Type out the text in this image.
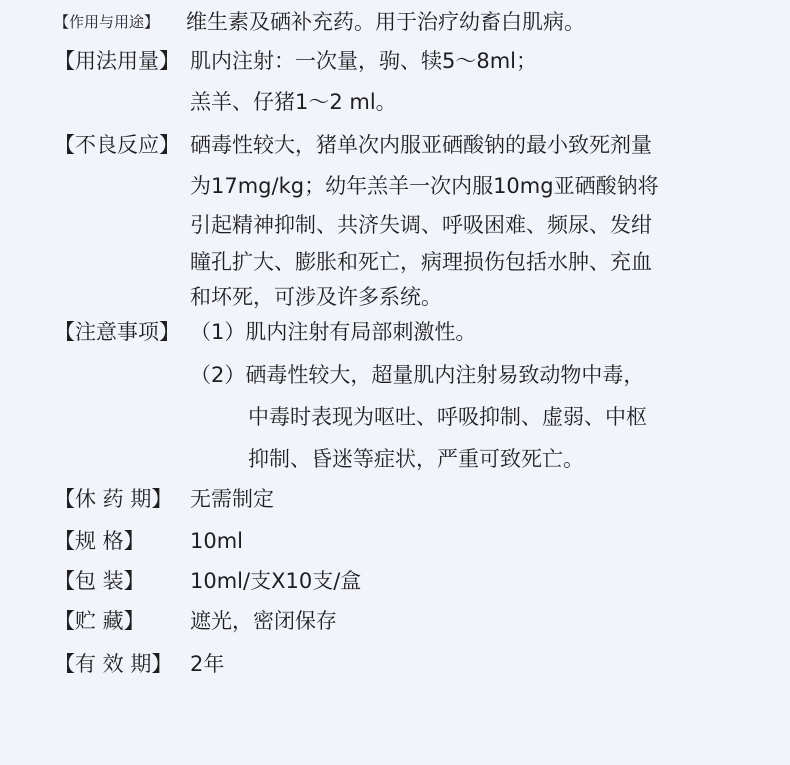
【作用与用途】 维生素及硒补充药。用于治疗幼畜白肌病。
【用法用量】 肌内注射：一次量，驹、犊5～8ml；
羔羊、仔猪1～2 ml。
【不良反应】 硒毒性较大，猪单次内服亚硒酸钠的最小致死剂量
为17mg/kg；幼年羔羊一次内服10mg亚硒酸钠将
引起精神抑制、共济失调、呼吸困难、频尿、发绀
瞳孔扩大、膨胀和死亡，病理损伤包括水肿、充血
和坏死，可涉及许多系统。
【注意事项】 （1）肌内注射有局部刺激性。
（2）硒毒性较大，超量肌内注射易致动物中毒，
中毒时表现为呕吐、呼吸抑制、虚弱、中枢
抑制、昏迷等症状，严重可致死亡。
【休 药 期】 无需制定
【规 格】 10ml
【包 装】 10ml/支X10支/盒
【贮 藏】 遮光，密闭保存
【有 效 期】 2年
